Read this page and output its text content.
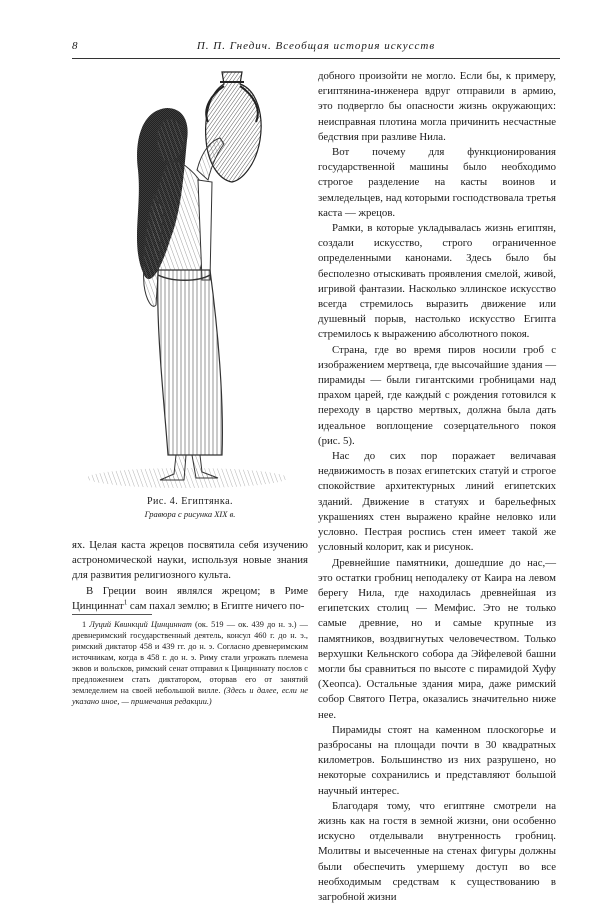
8	П. П. Гнедич. Всеобщая история искусств
Рис. 4. Египтянка.
Гравюра с рисунка XIX в.

ях. Целая каста жрецов посвятила себя изучению астрономической науки, используя новые знания для развития религиозного культа.

В Греции воин являлся жрецом; в Риме Цинциннат$^1$ сам пахал землю; в Египте ничего по-

1 Луций Квинкций Цинциннат (ок. 519 — ок. 439 до н. э.) — древнеримский государственный деятель, консул 460 г. до н. э., римский диктатор 458 и 439 гг. до н. э. Согласно древнеримским источникам, когда в 458 г. до н. э. Риму стали угрожать племена эквов и вольсков, римский сенат отправил к Цинциннату послов с предложением стать диктатором, оторвав его от занятий земледелием на своей небольшой вилле. (Здесь и далее, если не указано иное, — примечания редакции.)

добного произойти не могло. Если бы, к примеру, египтянина-инженера вдруг отправили в армию, это подвергло бы опасности жизнь окружающих: неисправная плотина могла причинить несчастные бедствия при разливе Нила.

Вот почему для функционирования государственной машины было необходимо строгое разделение на касты воинов и земледельцев, над которыми господствовала третья каста — жрецов.

Рамки, в которые укладывалась жизнь египтян, создали искусство, строго ограниченное определенными канонами. Здесь было бы бесполезно отыскивать проявления смелой, живой, игривой фантазии. Насколько эллинское искусство всегда стремилось выразить движение или душевный порыв, настолько искусство Египта стремилось к выражению абсолютного покоя.

Страна, где во время пиров носили гроб с изображением мертвеца, где высочайшие здания — пирамиды — были гигантскими гробницами над прахом царей, где каждый с рождения готовился к переходу в царство мертвых, должна была дать идеальное воплощение созерцательного покоя (рис. 5).

Нас до сих пор поражает величавая недвижимость в позах египетских статуй и строгое спокойствие архитектурных линий египетских зданий. Движение в статуях и барельефных украшениях стен выражено крайне неловко или условно. Пестрая роспись стен имеет такой же условный колорит, как и рисунок.

Древнейшие памятники, дошедшие до нас,— это остатки гробниц неподалеку от Каира на левом берегу Нила, где находилась древнейшая из египетских столиц — Мемфис. Это не только самые древние, но и самые крупные из памятников, воздвигнутых человечеством. Только верхушки Кельнского собора да Эйфелевой башни могли бы сравниться по высоте с пирамидой Хуфу (Хеопса). Остальные здания мира, даже римский собор Святого Петра, оказались значительно ниже нее.

Пирамиды стоят на каменном плоскогорье и разбросаны на площади почти в 30 квадратных километров. Большинство из них разрушено, но некоторые сохранились и представляют большой научный интерес.

Благодаря тому, что египтяне смотрели на жизнь как на гостя в земной жизни, они особенно искусно отделывали внутренность гробниц. Молитвы и высеченные на стенах фигуры должны были обеспечить умершему доступ во все необходимым средствам к существованию в загробной жизни
